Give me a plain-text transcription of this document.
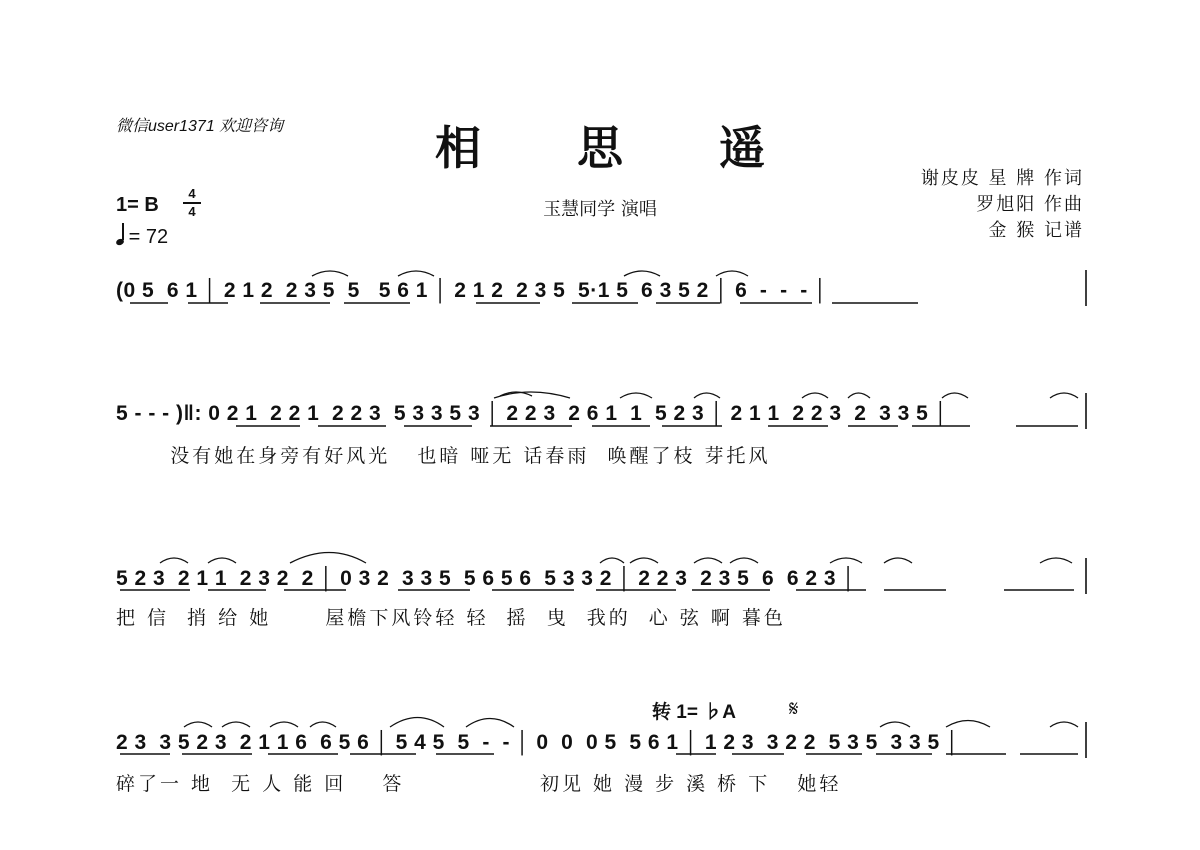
微信user1371 欢迎咨询	相 思 遥
1= B
4
4
= 72
玉慧同学 演唱
谢皮皮 星 牌 作词
罗旭阳 作曲
金 猴 记谱
(0 5  6 1 │ 2 1 2  2 3 5  5   5 6 1 │ 2 1 2  2 3 5  5·1 5  6 3 5 2 │ 6  -  -  - │
5 - - - )‖: 0 2 1  2 2 1  2 2 3  5 3 3 5 3 │ 2 2 3  2 6 1  1  5 2 3 │ 2 1 1  2 2 3  2  3 3 5 │
没有她在身旁有好风光   也暗 哑无 话春雨  唤醒了枝 芽托风
5 2 3  2 1 1  2 3 2  2 │ 0 3 2  3 3 5  5 6 5 6  5 3 3 2 │ 2 2 3  2 3 5  6  6 2 3 │
把 信  捎 给 她      屋檐下风铃轻 轻  摇  曳  我的  心 弦 啊 暮色
转 1= ♭A 𝄋
2 3  3 5 2 3  2 1 1 6  6 5 6 │ 5 4 5  5  -  - │ 0  0  0 5  5 6 1 │ 1 2 3  3 2 2  5 3 5  3 3 5 │
碎了一 地  无 人 能 回    答               初见 她 漫 步 溪 桥 下   她轻
